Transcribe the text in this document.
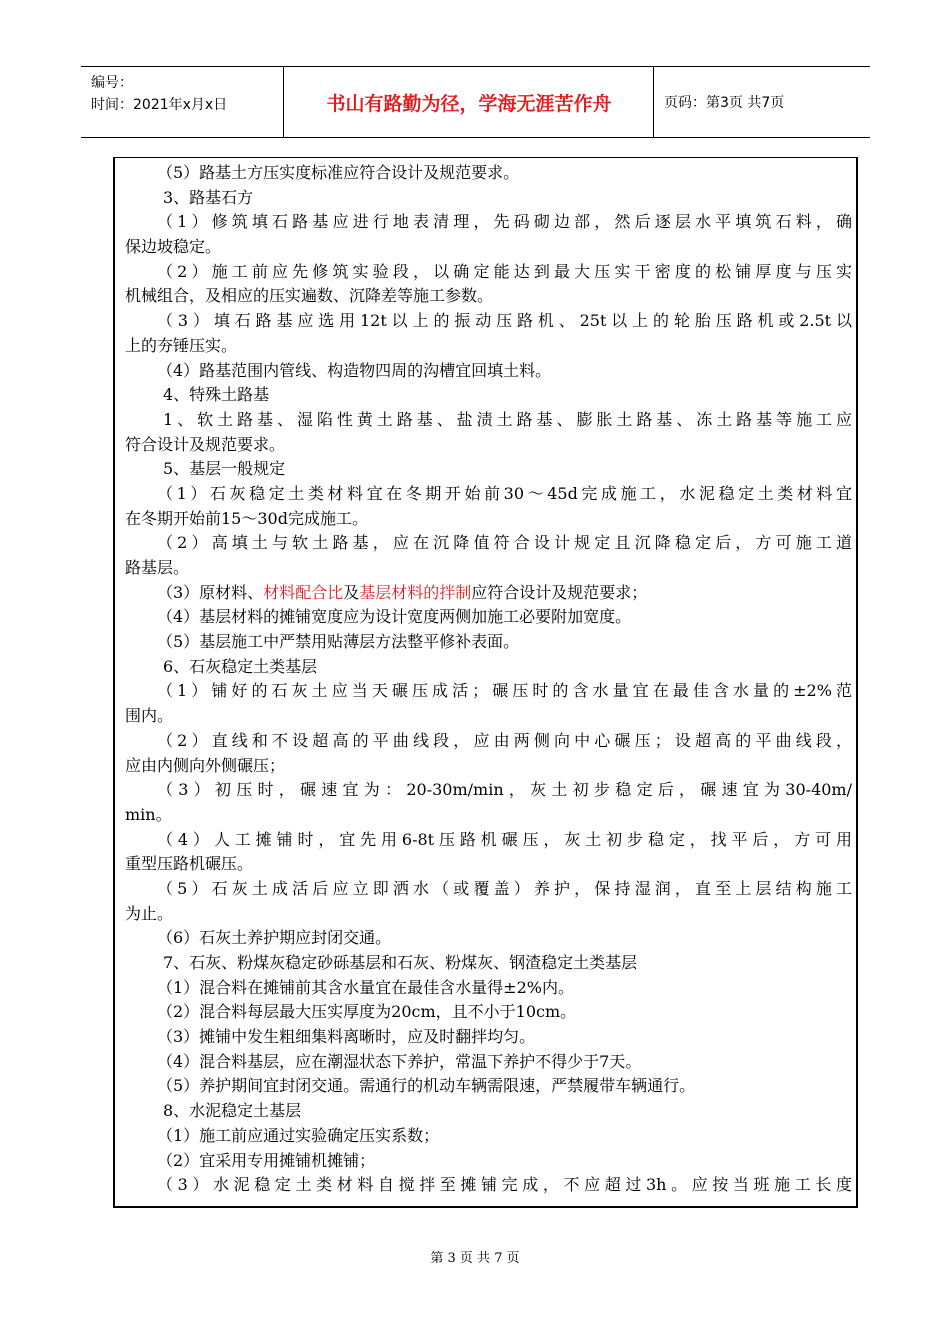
编号：
时间：2021年x月x日	书山有路勤为径，学海无涯苦作舟	页码：第3页 共7页
（5）路基土方压实度标准应符合设计及规范要求。
3、路基石方
（1）修筑填石路基应进行地表清理，先码砌边部，然后逐层水平填筑石料，确
保边坡稳定。
（2）施工前应先修筑实验段，以确定能达到最大压实干密度的松铺厚度与压实
机械组合，及相应的压实遍数、沉降差等施工参数。
（3）填石路基应选用12t以上的振动压路机、25t以上的轮胎压路机或2.5t以
上的夯锤压实。
（4）路基范围内管线、构造物四周的沟槽宜回填土料。
4、特殊土路基
1、软土路基、湿陷性黄土路基、盐渍土路基、膨胀土路基、冻土路基等施工应
符合设计及规范要求。
5、基层一般规定
（1）石灰稳定土类材料宜在冬期开始前30～45d完成施工，水泥稳定土类材料宜
在冬期开始前15～30d完成施工。
（2）高填土与软土路基，应在沉降值符合设计规定且沉降稳定后，方可施工道
路基层。
（3）原材料、材料配合比及基层材料的拌制应符合设计及规范要求；
（4）基层材料的摊铺宽度应为设计宽度两侧加施工必要附加宽度。
（5）基层施工中严禁用贴薄层方法整平修补表面。
6、石灰稳定土类基层
（1）铺好的石灰土应当天碾压成活；碾压时的含水量宜在最佳含水量的±2%范
围内。
（2）直线和不设超高的平曲线段，应由两侧向中心碾压；设超高的平曲线段，
应由内侧向外侧碾压；
（3）初压时，碾速宜为：20-30m/min，灰土初步稳定后，碾速宜为30-40m/
min。
（4）人工摊铺时，宜先用6-8t压路机碾压，灰土初步稳定，找平后，方可用
重型压路机碾压。
（5）石灰土成活后应立即洒水（或覆盖）养护，保持湿润，直至上层结构施工
为止。
（6）石灰土养护期应封闭交通。
7、石灰、粉煤灰稳定砂砾基层和石灰、粉煤灰、钢渣稳定土类基层
（1）混合料在摊铺前其含水量宜在最佳含水量得±2%内。
（2）混合料每层最大压实厚度为20cm，且不小于10cm。
（3）摊铺中发生粗细集料离晰时，应及时翻拌均匀。
（4）混合料基层，应在潮湿状态下养护，常温下养护不得少于7天。
（5）养护期间宜封闭交通。需通行的机动车辆需限速，严禁履带车辆通行。
8、水泥稳定土基层
（1）施工前应通过实验确定压实系数；
（2）宜采用专用摊铺机摊铺；
（3）水泥稳定土类材料自搅拌至摊铺完成，不应超过3h。应按当班施工长度
第 3 页 共 7 页
